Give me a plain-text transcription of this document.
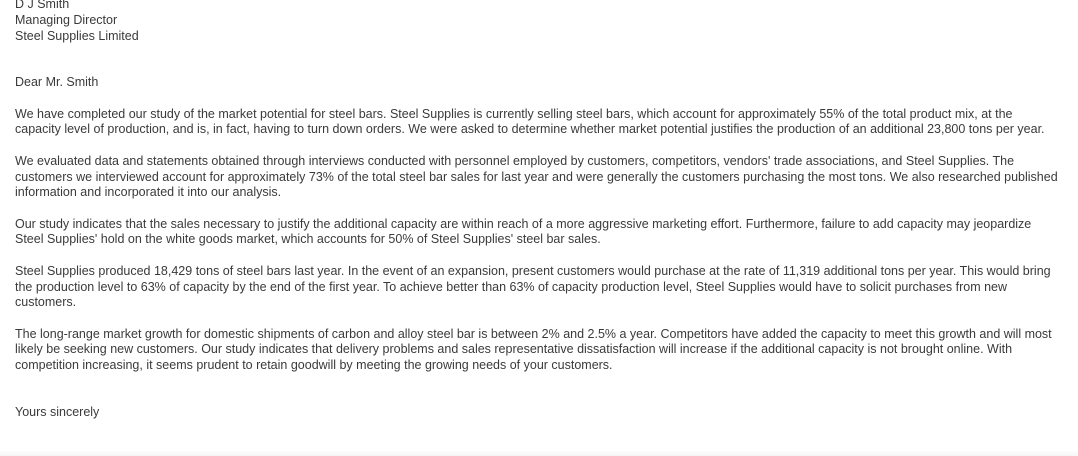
D J Smith
Managing Director
Steel Supplies Limited
Dear Mr. Smith

We have completed our study of the market potential for steel bars. Steel Supplies is currently selling steel bars, which account for approximately 55% of the total product mix, at the capacity level of production, and is, in fact, having to turn down orders. We were asked to determine whether market potential justifies the production of an additional 23,800 tons per year.

We evaluated data and statements obtained through interviews conducted with personnel employed by customers, competitors, vendors' trade associations, and Steel Supplies. The customers we interviewed account for approximately 73% of the total steel bar sales for last year and were generally the customers purchasing the most tons. We also researched published information and incorporated it into our analysis.

Our study indicates that the sales necessary to justify the additional capacity are within reach of a more aggressive marketing effort. Furthermore, failure to add capacity may jeopardize Steel Supplies' hold on the white goods market, which accounts for 50% of Steel Supplies' steel bar sales.

Steel Supplies produced 18,429 tons of steel bars last year. In the event of an expansion, present customers would purchase at the rate of 11,319 additional tons per year. This would bring the production level to 63% of capacity by the end of the first year. To achieve better than 63% of capacity production level, Steel Supplies would have to solicit purchases from new customers.

The long-range market growth for domestic shipments of carbon and alloy steel bar is between 2% and 2.5% a year. Competitors have added the capacity to meet this growth and will most likely be seeking new customers. Our study indicates that delivery problems and sales representative dissatisfaction will increase if the additional capacity is not brought online. With competition increasing, it seems prudent to retain goodwill by meeting the growing needs of your customers.

Yours sincerely
